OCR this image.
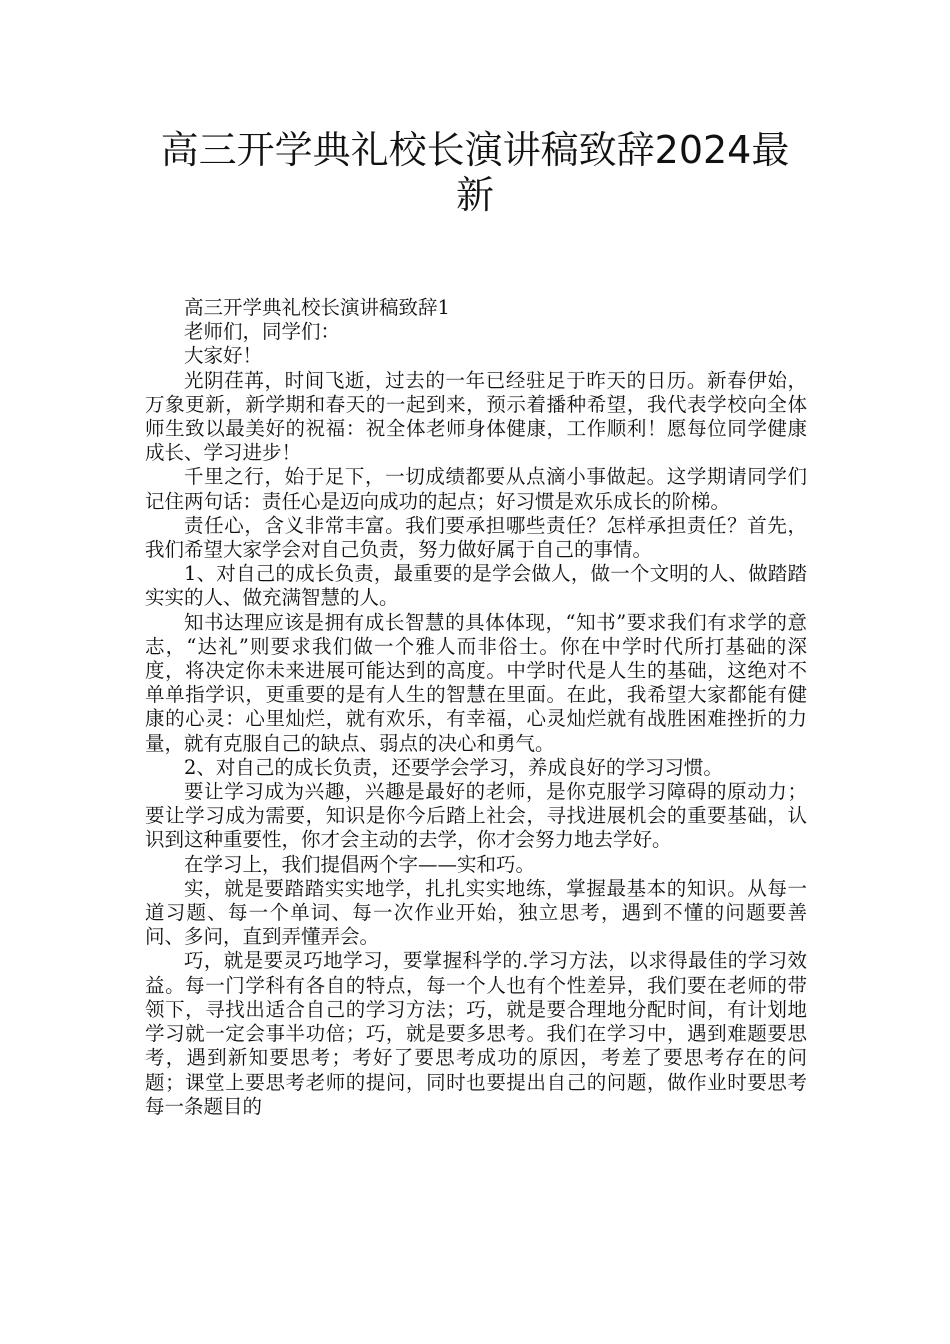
高三开学典礼校长演讲稿致辞2024最新

高三开学典礼校长演讲稿致辞1

老师们，同学们：

大家好！

光阴荏苒，时间飞逝，过去的一年已经驻足于昨天的日历。新春伊始，万象更新，新学期和春天的一起到来，预示着播种希望，我代表学校向全体师生致以最美好的祝福：祝全体老师身体健康，工作顺利！愿每位同学健康成长、学习进步！

千里之行，始于足下，一切成绩都要从点滴小事做起。这学期请同学们记住两句话：责任心是迈向成功的起点；好习惯是欢乐成长的阶梯。

责任心，含义非常丰富。我们要承担哪些责任？怎样承担责任？首先，我们希望大家学会对自己负责，努力做好属于自己的事情。

1、对自己的成长负责，最重要的是学会做人，做一个文明的人、做踏踏实实的人、做充满智慧的人。

知书达理应该是拥有成长智慧的具体体现，“知书”要求我们有求学的意志，“达礼”则要求我们做一个雅人而非俗士。你在中学时代所打基础的深度，将决定你未来进展可能达到的高度。中学时代是人生的基础，这绝对不单单指学识，更重要的是有人生的智慧在里面。在此，我希望大家都能有健康的心灵：心里灿烂，就有欢乐，有幸福，心灵灿烂就有战胜困难挫折的力量，就有克服自己的缺点、弱点的决心和勇气。

2、对自己的成长负责，还要学会学习，养成良好的学习习惯。

要让学习成为兴趣，兴趣是最好的老师，是你克服学习障碍的原动力；要让学习成为需要，知识是你今后踏上社会，寻找进展机会的重要基础，认识到这种重要性，你才会主动的去学，你才会努力地去学好。

在学习上，我们提倡两个字——实和巧。

实，就是要踏踏实实地学，扎扎实实地练，掌握最基本的知识。从每一道习题、每一个单词、每一次作业开始，独立思考，遇到不懂的问题要善问、多问，直到弄懂弄会。

巧，就是要灵巧地学习，要掌握科学的.学习方法，以求得最佳的学习效益。每一门学科有各自的特点，每一个人也有个性差异，我们要在老师的带领下，寻找出适合自己的学习方法；巧，就是要合理地分配时间，有计划地学习就一定会事半功倍；巧，就是要多思考。我们在学习中，遇到难题要思考，遇到新知要思考；考好了要思考成功的原因，考差了要思考存在的问题；课堂上要思考老师的提问，同时也要提出自己的问题，做作业时要思考每一条题目的
